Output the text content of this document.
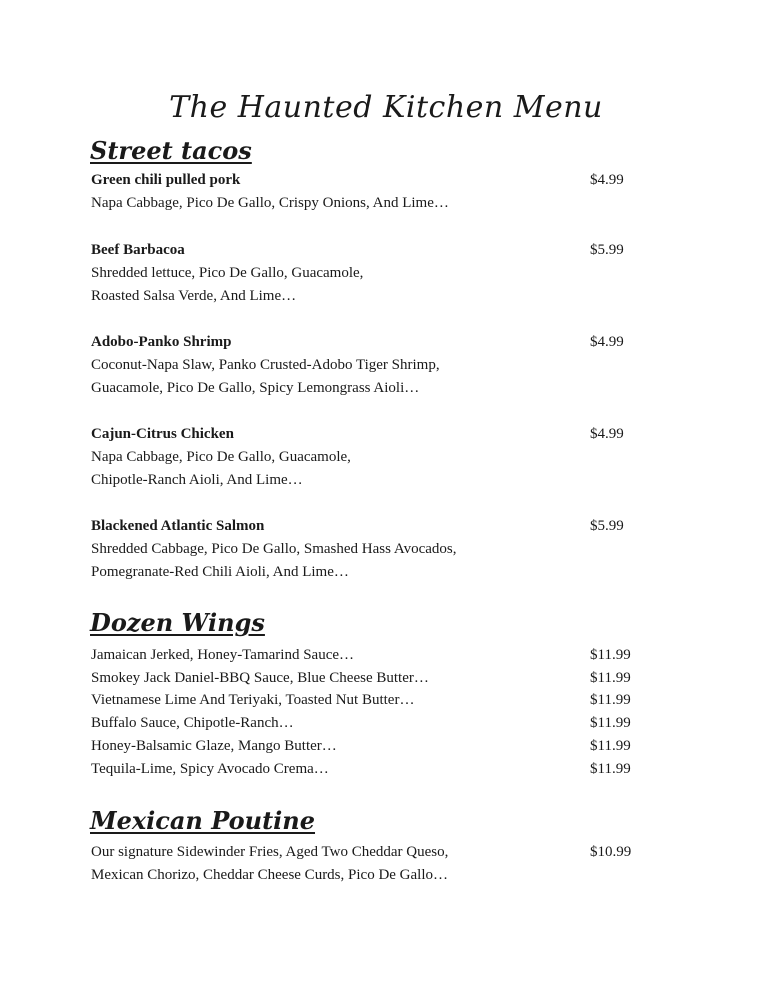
The Haunted Kitchen Menu
Street tacos
Green chili pulled pork	$4.99
Napa Cabbage, Pico De Gallo, Crispy Onions, And Lime…
Beef Barbacoa	$5.99
Shredded lettuce, Pico De Gallo, Guacamole,
Roasted Salsa Verde, And Lime…
Adobo-Panko Shrimp	$4.99
Coconut-Napa Slaw, Panko Crusted-Adobo Tiger Shrimp,
Guacamole, Pico De Gallo, Spicy Lemongrass Aioli…
Cajun-Citrus Chicken	$4.99
Napa Cabbage, Pico De Gallo, Guacamole,
Chipotle-Ranch Aioli, And Lime…
Blackened Atlantic Salmon	$5.99
Shredded Cabbage, Pico De Gallo, Smashed Hass Avocados,
Pomegranate-Red Chili Aioli, And Lime…
Dozen Wings
Jamaican Jerked, Honey-Tamarind Sauce…	$11.99
Smokey Jack Daniel-BBQ Sauce, Blue Cheese Butter…	$11.99
Vietnamese Lime And Teriyaki, Toasted Nut Butter…	$11.99
Buffalo Sauce, Chipotle-Ranch…	$11.99
Honey-Balsamic Glaze, Mango Butter…	$11.99
Tequila-Lime, Spicy Avocado Crema…	$11.99
Mexican Poutine
Our signature Sidewinder Fries, Aged Two Cheddar Queso,	$10.99
Mexican Chorizo, Cheddar Cheese Curds, Pico De Gallo…
